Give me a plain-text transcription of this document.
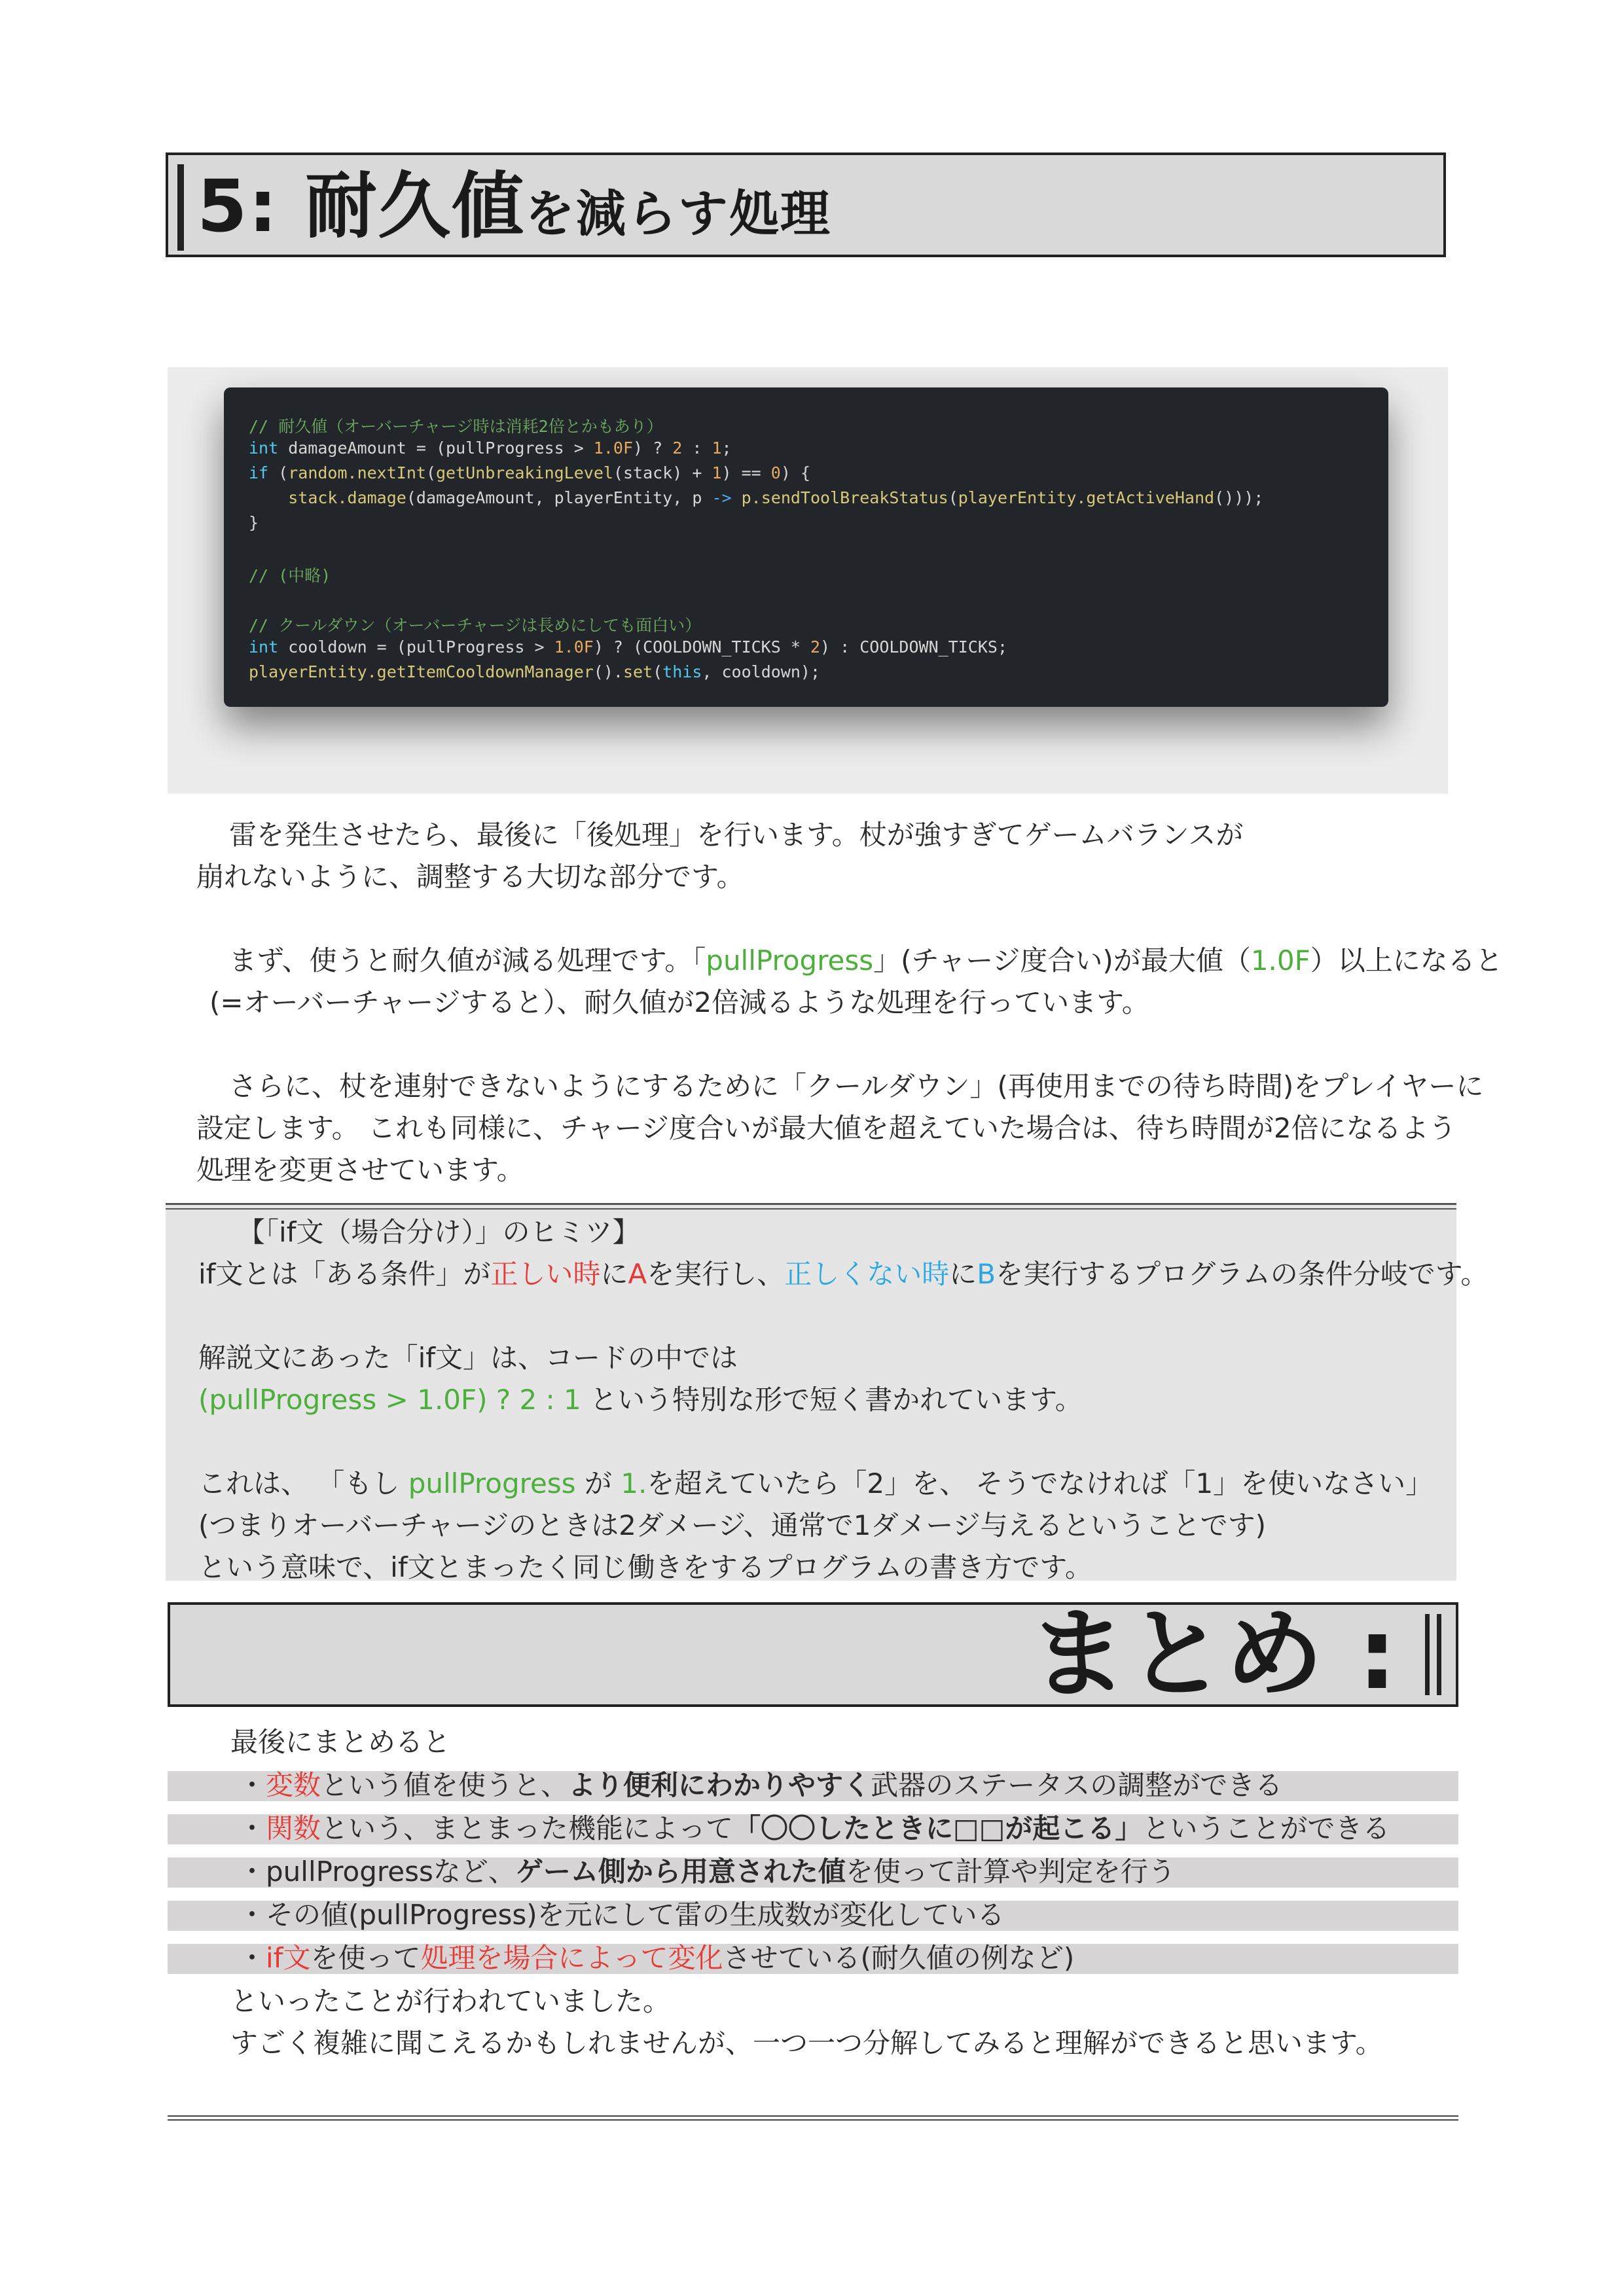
5: 耐久値を減らす処理
// 耐久値（オーバーチャージ時は消耗2倍とかもあり）
int damageAmount = (pullProgress > 1.0F) ? 2 : 1;
if (random.nextInt(getUnbreakingLevel(stack) + 1) == 0) {
stack.damage(damageAmount, playerEntity, p -> p.sendToolBreakStatus(playerEntity.getActiveHand()));
}
// (中略)
// クールダウン（オーバーチャージは長めにしても面白い）
int cooldown = (pullProgress > 1.0F) ? (COOLDOWN_TICKS * 2) : COOLDOWN_TICKS;
playerEntity.getItemCooldownManager().set(this, cooldown);
雷を発生させたら、最後に「後処理」を行います。杖が強すぎてゲームバランスが
崩れないように、調整する大切な部分です。
まず、使うと耐久値が減る処理です。「pullProgress」(チャージ度合い)が最大値（1.0F）以上になると
(=オーバーチャージすると）、耐久値が2倍減るような処理を行っています。
さらに、杖を連射できないようにするために「クールダウン」(再使用までの待ち時間)をプレイヤーに
設定します。 これも同様に、チャージ度合いが最大値を超えていた場合は、待ち時間が2倍になるよう
処理を変更させています。
【「if文（場合分け）」のヒミツ】
if文とは「ある条件」が正しい時にAを実行し、正しくない時にBを実行するプログラムの条件分岐です。
解説文にあった「if文」は、コードの中では
(pullProgress > 1.0F) ? 2 : 1 という特別な形で短く書かれています。
これは、 「もし pullProgress が 1.を超えていたら「2」を、 そうでなければ「1」を使いなさい」
(つまりオーバーチャージのときは2ダメージ、通常で1ダメージ与えるということです)
という意味で、if文とまったく同じ働きをするプログラムの書き方です。
まとめ :
最後にまとめると
・変数という値を使うと、より便利にわかりやすく武器のステータスの調整ができる
・関数という、まとまった機能によって「〇〇したときに□□が起こる」ということができる
・pullProgressなど、ゲーム側から用意された値を使って計算や判定を行う
・その値(pullProgress)を元にして雷の生成数が変化している
・if文を使って処理を場合によって変化させている(耐久値の例など)
といったことが行われていました。
すごく複雑に聞こえるかもしれませんが、一つ一つ分解してみると理解ができると思います。
